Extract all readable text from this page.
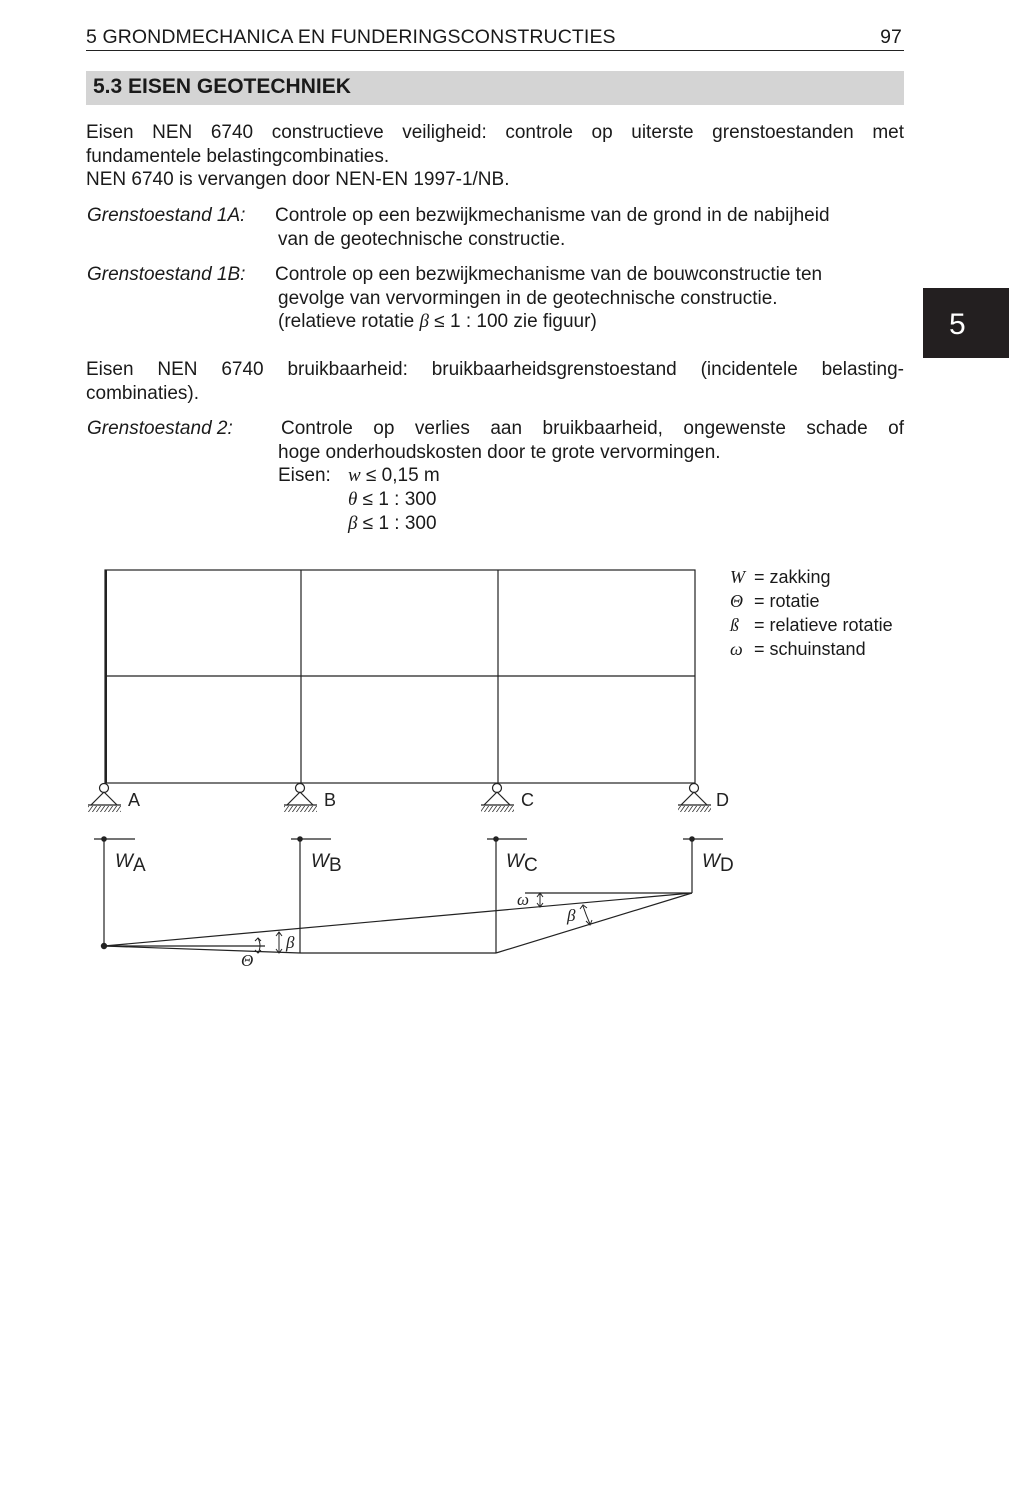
5 GRONDMECHANICA EN FUNDERINGSCONSTRUCTIES	97
5.3 EISEN GEOTECHNIEK
5
Eisen NEN 6740 constructieve veiligheid: controle op uiterste grenstoestanden met fundamentele belastingcombinaties.
NEN 6740 is vervangen door NEN-EN 1997-1/NB.
Grenstoestand 1A: Controle op een bezwijkmechanisme van de grond in de nabijheid
van de geotechnische constructie.
Grenstoestand 1B: Controle op een bezwijkmechanisme van de bouwconstructie ten
gevolge van vervormingen in de geotechnische constructie.
(relatieve rotatie β ≤ 1 : 100 zie figuur)
Eisen NEN 6740 bruikbaarheid: bruikbaarheidsgrenstoestand (incidentele belasting-combinaties).
Grenstoestand 2:	Controle op verlies aan bruikbaarheid, ongewenste schade of
hoge onderhoudskosten door te grote vervormingen.
Eisen: w ≤ 0,15 m
θ ≤ 1 : 300
β ≤ 1 : 300
W = zakking
Θ = rotatie
ß = relatieve rotatie
ω = schuinstand
A	B	C	D
WA	WB	WC	WD
Θ
β
ω
β
